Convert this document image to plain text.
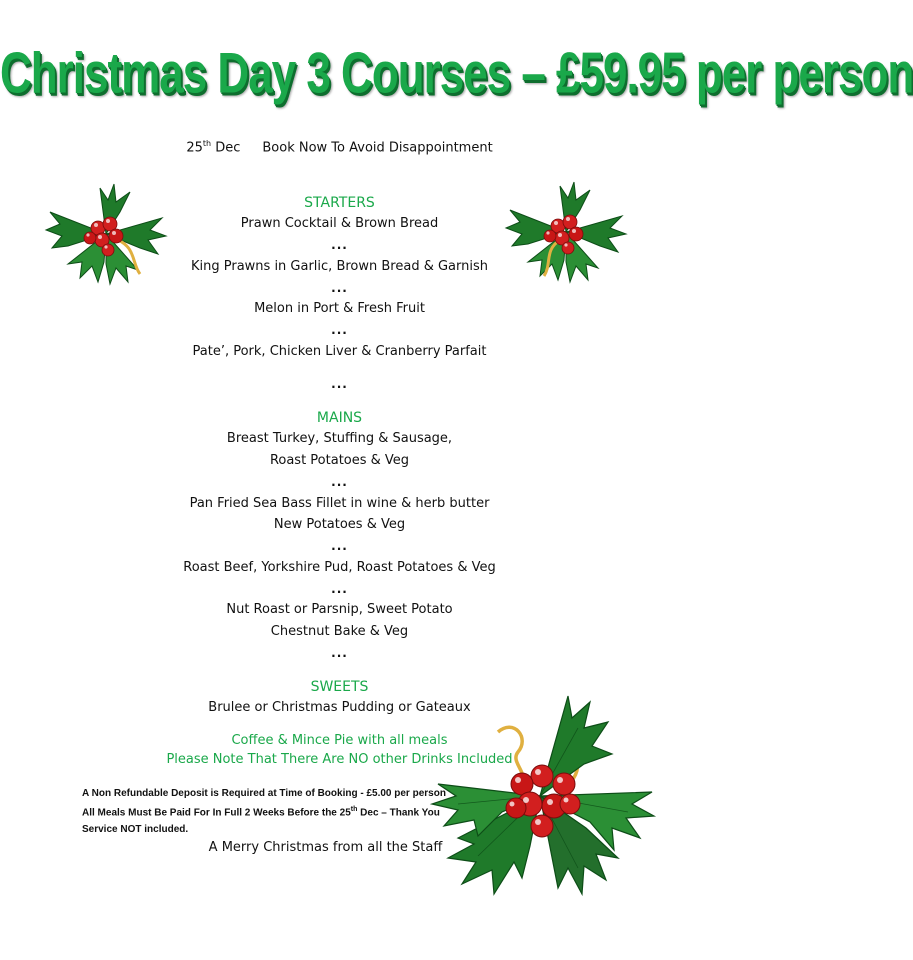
Christmas Day 3 Courses – £59.95 per person
25th Dec Book Now To Avoid Disappointment
STARTERS
Prawn Cocktail & Brown Bread
...
King Prawns in Garlic, Brown Bread & Garnish
...
Melon in Port & Fresh Fruit
...
Pate’, Pork, Chicken Liver & Cranberry Parfait
...
MAINS
Breast Turkey, Stuffing & Sausage,
Roast Potatoes & Veg
...
Pan Fried Sea Bass Fillet in wine & herb butter
New Potatoes & Veg
...
Roast Beef, Yorkshire Pud, Roast Potatoes & Veg
...
Nut Roast or Parsnip, Sweet Potato
Chestnut Bake & Veg
...
SWEETS
Brulee or Christmas Pudding or Gateaux
Coffee & Mince Pie with all meals
Please Note That There Are NO other Drinks Included
A Non Refundable Deposit is Required at Time of Booking - £5.00 per person
All Meals Must Be Paid For In Full 2 Weeks Before the 25th Dec – Thank You
Service NOT included.
A Merry Christmas from all the Staff
